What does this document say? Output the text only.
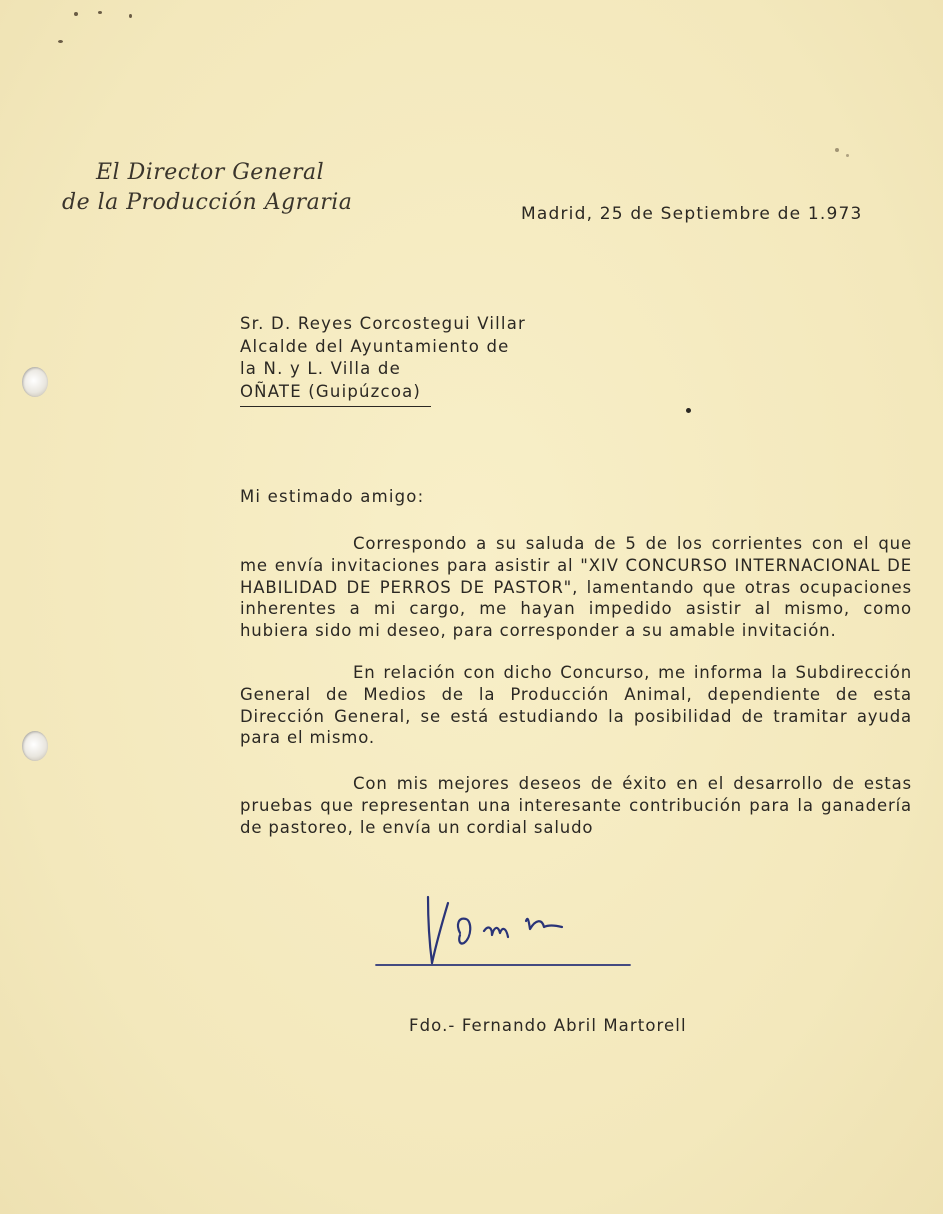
El Director General
de la Producción Agraria	Madrid, 25 de Septiembre de 1.973
Sr. D. Reyes Corcostegui Villar
Alcalde del Ayuntamiento de
la N. y L. Villa de
OÑATE (Guipúzcoa)
Mi estimado amigo:

Correspondo a su saluda de 5 de los corrientes con el que me envía invitaciones para asistir al "XIV CONCURSO INTERNACIONAL DE HABILIDAD DE PERROS DE PASTOR", lamentando que otras ocupaciones inherentes a mi cargo, me hayan impedido asistir al mismo, como hubiera sido mi deseo, para corresponder a su amable invitación.

En relación con dicho Concurso, me informa la Subdirección General de Medios de la Producción Animal, dependiente de esta Dirección General, se está estudiando la posibilidad de tramitar ayuda para el mismo.

Con mis mejores deseos de éxito en el desarrollo de estas pruebas que representan una interesante contribución para la ganadería de pastoreo, le envía un cordial saludo

Fdo.- Fernando Abril Martorell
